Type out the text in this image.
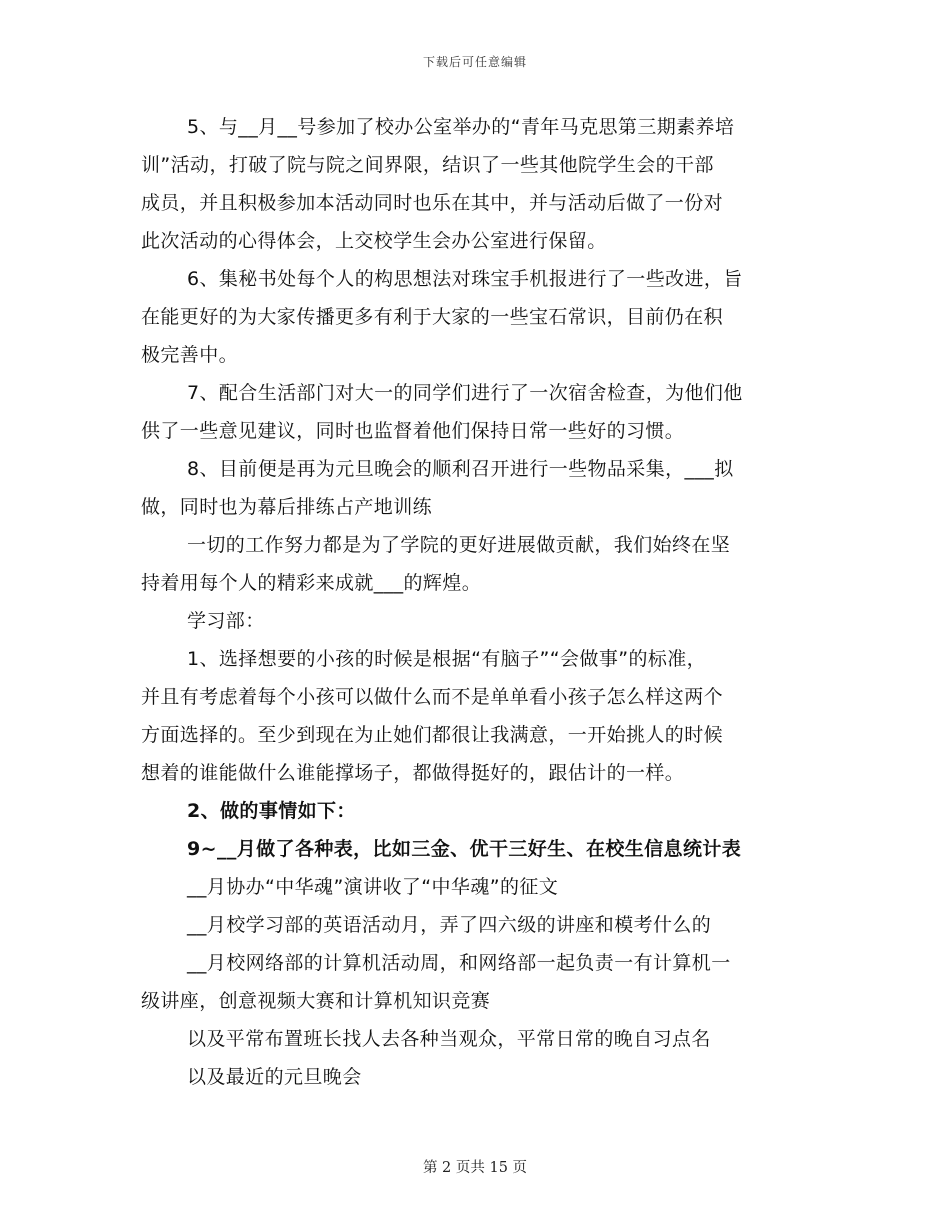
下载后可任意编辑
5、与__月__号参加了校办公室举办的“青年马克思第三期素养培
训”活动，打破了院与院之间界限，结识了一些其他院学生会的干部
成员，并且积极参加本活动同时也乐在其中，并与活动后做了一份对
此次活动的心得体会，上交校学生会办公室进行保留。
6、集秘书处每个人的构思想法对珠宝手机报进行了一些改进，旨
在能更好的为大家传播更多有利于大家的一些宝石常识，目前仍在积
极完善中。
7、配合生活部门对大一的同学们进行了一次宿舍检查，为他们他
供了一些意见建议，同时也监督着他们保持日常一些好的习惯。
8、目前便是再为元旦晚会的顺利召开进行一些物品采集，___拟
做，同时也为幕后排练占产地训练
一切的工作努力都是为了学院的更好进展做贡献，我们始终在坚
持着用每个人的精彩来成就___的辉煌。
学习部：
1、选择想要的小孩的时候是根据“有脑子”“会做事”的标准，
并且有考虑着每个小孩可以做什么而不是单单看小孩子怎么样这两个
方面选择的。至少到现在为止她们都很让我满意，一开始挑人的时候
想着的谁能做什么谁能撑场子，都做得挺好的，跟估计的一样。
2、做的事情如下：
9~__月做了各种表，比如三金、优干三好生、在校生信息统计表
__月协办“中华魂”演讲收了“中华魂”的征文
__月校学习部的英语活动月，弄了四六级的讲座和模考什么的
__月校网络部的计算机活动周，和网络部一起负责一有计算机一
级讲座，创意视频大赛和计算机知识竞赛
以及平常布置班长找人去各种当观众，平常日常的晚自习点名
以及最近的元旦晚会
第 2 页共 15 页
